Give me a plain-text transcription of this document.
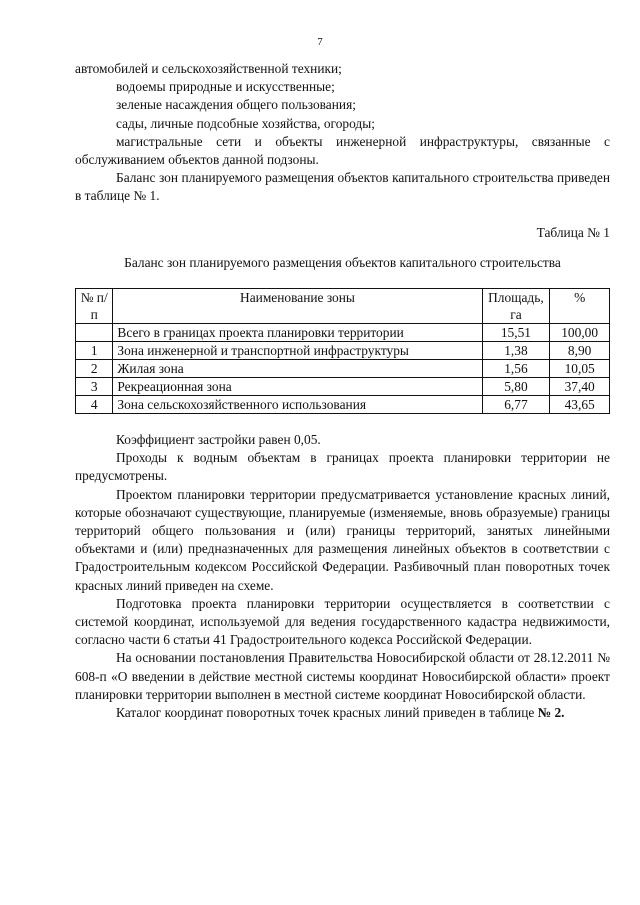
7

автомобилей и сельскохозяйственной техники;

водоемы природные и искусственные;

зеленые насаждения общего пользования;

сады, личные подсобные хозяйства, огороды;

магистральные сети и объекты инженерной инфраструктуры, связанные с обслуживанием объектов данной подзоны.

Баланс зон планируемого размещения объектов капитального строительства приведен в таблице № 1.

Таблица № 1

Баланс зон планируемого размещения объектов капитального строительства

№ п/п	Наименование зоны	Площадь, га	%
	Всего в границах проекта планировки территории	15,51	100,00
1	Зона инженерной и транспортной инфраструктуры	1,38	8,90
2	Жилая зона	1,56	10,05
3	Рекреационная зона	5,80	37,40
4	Зона сельскохозяйственного использования	6,77	43,65

Коэффициент застройки равен 0,05.

Проходы к водным объектам в границах проекта планировки территории не предусмотрены.

Проектом планировки территории предусматривается установление красных линий, которые обозначают существующие, планируемые (изменяемые, вновь образуемые) границы территорий общего пользования и (или) границы территорий, занятых линейными объектами и (или) предназначенных для размещения линейных объектов в соответствии с Градостроительным кодексом Российской Федерации. Разбивочный план поворотных точек красных линий приведен на схеме.

Подготовка проекта планировки территории осуществляется в соответствии с системой координат, используемой для ведения государственного кадастра недвижимости, согласно части 6 статьи 41 Градостроительного кодекса Российской Федерации.

На основании постановления Правительства Новосибирской области от 28.12.2011 № 608-п «О введении в действие местной системы координат Новосибирской области» проект планировки территории выполнен в местной системе координат Новосибирской области.

Каталог координат поворотных точек красных линий приведен в таблице № 2.
